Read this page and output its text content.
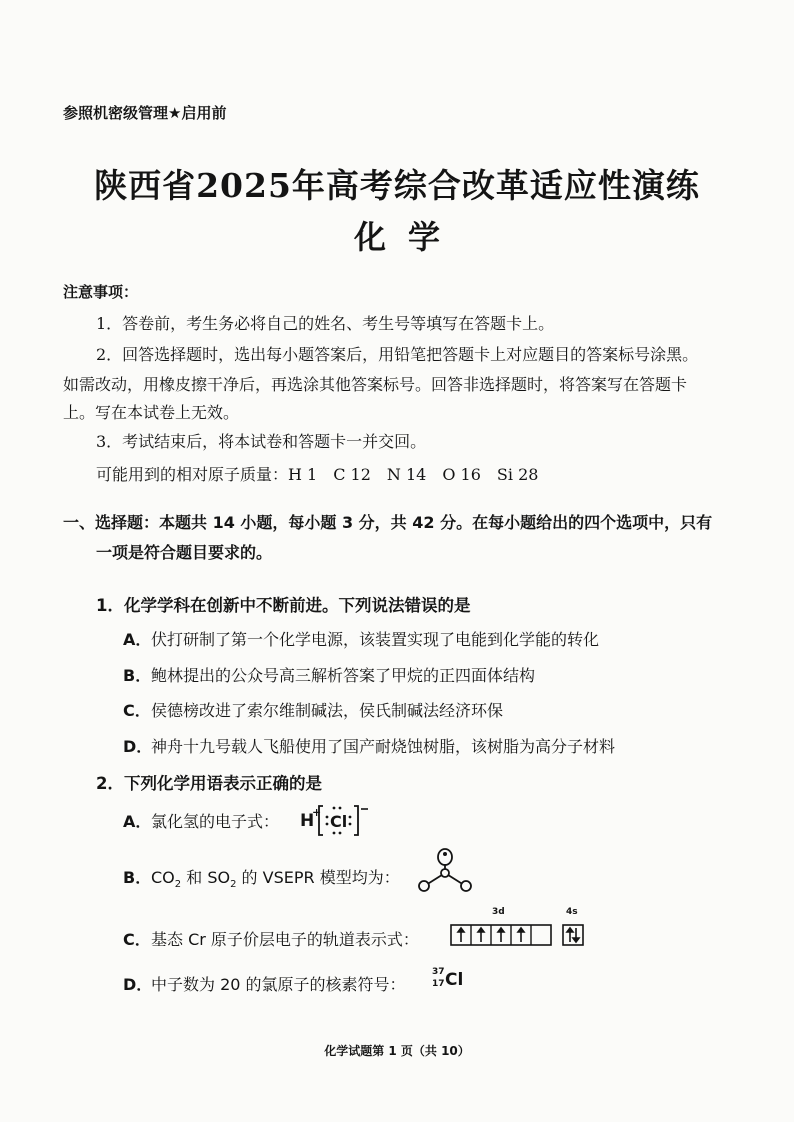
参照机密级管理★启用前
陕西省2025年高考综合改革适应性演练
化学
注意事项：
1．答卷前，考生务必将自己的姓名、考生号等填写在答题卡上。
2．回答选择题时，选出每小题答案后，用铅笔把答题卡上对应题目的答案标号涂黑。
如需改动，用橡皮擦干净后，再选涂其他答案标号。回答非选择题时，将答案写在答题卡
上。写在本试卷上无效。
3．考试结束后，将本试卷和答题卡一并交回。
可能用到的相对原子质量：H 1　C 12　N 14　O 16　Si 28
一、选择题：本题共 14 小题，每小题 3 分，共 42 分。在每小题给出的四个选项中，只有
一项是符合题目要求的。
1．化学学科在创新中不断前进。下列说法错误的是
A．伏打研制了第一个化学电源，该装置实现了电能到化学能的转化
B．鲍林提出的公众号高三解析答案了甲烷的正四面体结构
C．侯德榜改进了索尔维制碱法，侯氏制碱法经济环保
D．神舟十九号载人飞船使用了国产耐烧蚀树脂，该树脂为高分子材料
2．下列化学用语表示正确的是
A．氯化氢的电子式： H
+ Cl
B．$CO_2$ 和 $SO_2$ 的 VSEPR 模型均为：
C．基态 Cr 原子价层电子的轨道表示式：
3d	4s
D．中子数为 20 的氯原子的核素符号：
37
17 Cl
化学试题第 1 页（共 10）
